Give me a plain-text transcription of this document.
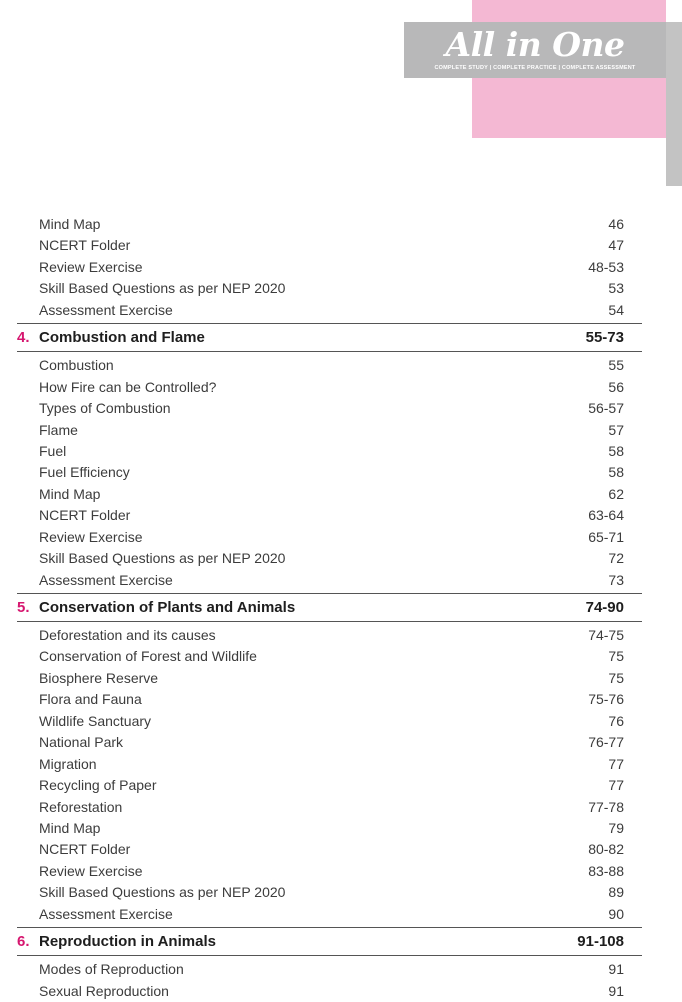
All in One
COMPLETE STUDY | COMPLETE PRACTICE | COMPLETE ASSESSMENT
Mind Map	46
NCERT Folder	47
Review Exercise	48-53
Skill Based Questions as per NEP 2020	53
Assessment Exercise	54
4. Combustion and Flame	55-73
Combustion	55
How Fire can be Controlled?	56
Types of Combustion	56-57
Flame	57
Fuel	58
Fuel Efficiency	58
Mind Map	62
NCERT Folder	63-64
Review Exercise	65-71
Skill Based Questions as per NEP 2020	72
Assessment Exercise	73
5. Conservation of Plants and Animals	74-90
Deforestation and its causes	74-75
Conservation of Forest and Wildlife	75
Biosphere Reserve	75
Flora and Fauna	75-76
Wildlife Sanctuary	76
National Park	76-77
Migration	77
Recycling of Paper	77
Reforestation	77-78
Mind Map	79
NCERT Folder	80-82
Review Exercise	83-88
Skill Based Questions as per NEP 2020	89
Assessment Exercise	90
6. Reproduction in Animals	91-108
Modes of Reproduction	91
Sexual Reproduction	91
